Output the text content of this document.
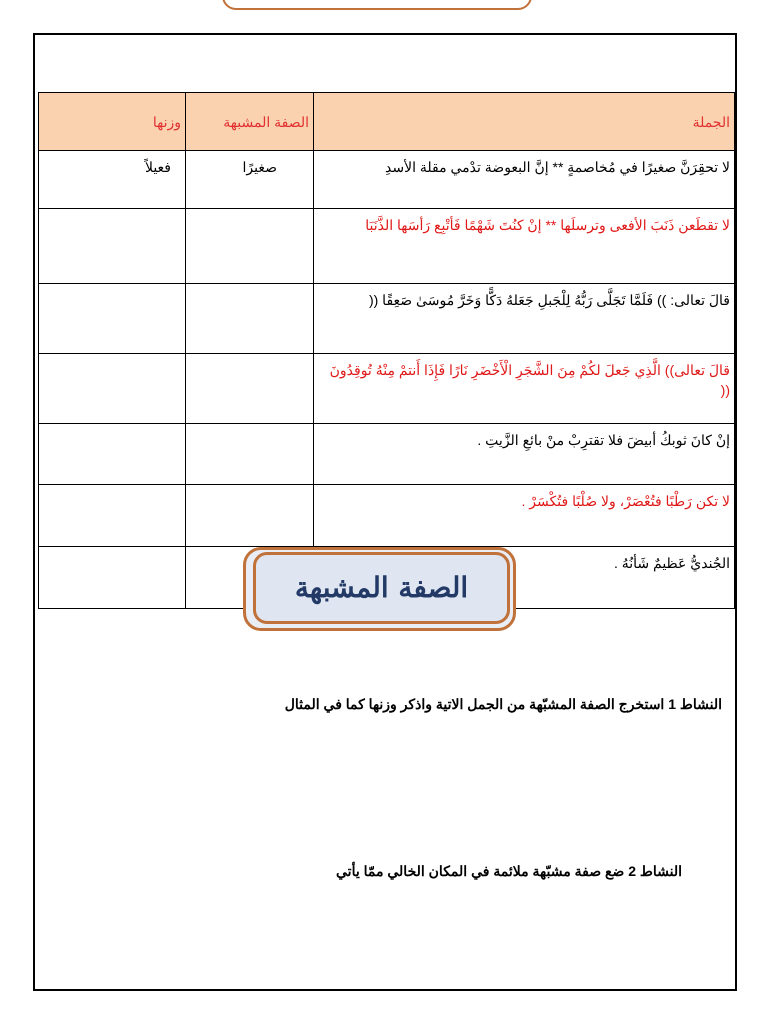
الجملة	الصفة المشبهة	وزنها
لا تحقِرَنَّ صغيرًا في مُخاصمةٍ ** إنَّ البعوضة تدْمي مقلة الأسدِ	صغيرًا	فعيلاً
لا تقطَعن ذَنَبَ الأفعى وترسلَها ** إنْ كنُتَ شَهْمًا فَأتْبِع رَأسَها الذَّنَبَا		
قالَ تعالى: )) فَلَمَّا تَجَلَّى رَبُّهُ لِلْجَبلِ جَعَلهُ دَكًّا وَخَرَّ مُوسَىٰ صَعِقًا ((		
قالَ تعالى)) الَّذِي جَعلَ لكُمْ مِنَ الشَّجَرِ الْأَخْضَرِ نَارًا فَإِذَا أَنتمْ مِنْهُ تُوقِدُونَ ((		
إنْ كانَ ثوبكُ أبيضَ فلا تقترِبْ منْ بائعِ الزَّيتِ .		
لا تكن رَطْبًا فتُعْصَرْ، ولا صُلْبًا فتُكْسَرْ .		
الجُنديُّ عَظيمٌ شَأنُهُ .		
الصفة المشبهة
النشاط 1 استخرج الصفة المشبّهة من الجمل الاتية واذكر وزنها كما في المثال
النشاط 2 ضع صفة مشبّهة ملائمة في المكان الخالي ممّا يأتي
